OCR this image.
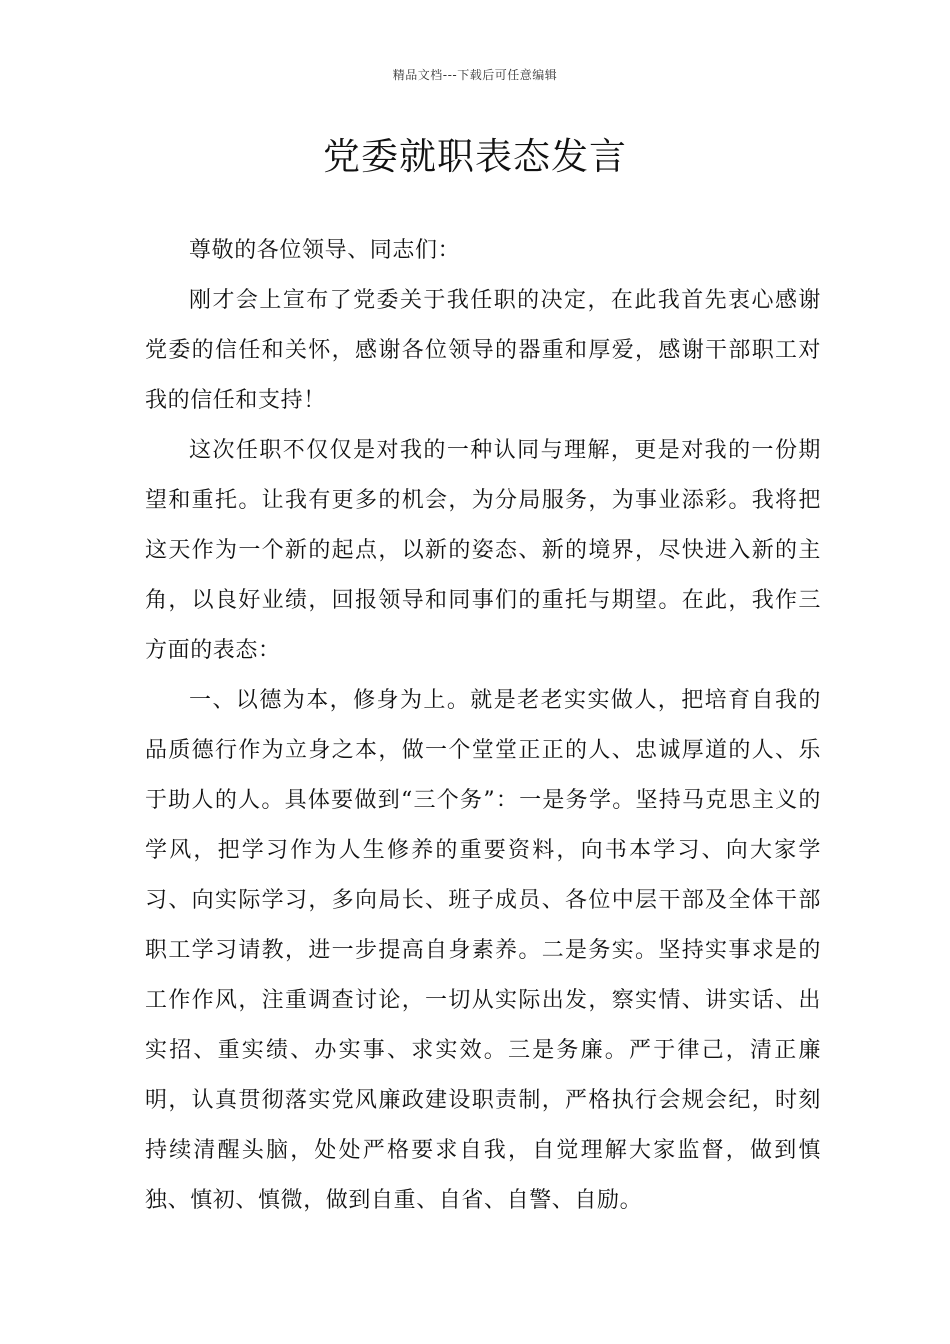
精品文档---下载后可任意编辑
党委就职表态发言

尊敬的各位领导、同志们：

刚才会上宣布了党委关于我任职的决定，在此我首先衷心感谢党委的信任和关怀，感谢各位领导的器重和厚爱，感谢干部职工对我的信任和支持！

这次任职不仅仅是对我的一种认同与理解，更是对我的一份期望和重托。让我有更多的机会，为分局服务，为事业添彩。我将把这天作为一个新的起点，以新的姿态、新的境界，尽快进入新的主角，以良好业绩，回报领导和同事们的重托与期望。在此，我作三方面的表态：

一、以德为本，修身为上。就是老老实实做人，把培育自我的品质德行作为立身之本，做一个堂堂正正的人、忠诚厚道的人、乐于助人的人。具体要做到“三个务”：一是务学。坚持马克思主义的学风，把学习作为人生修养的重要资料，向书本学习、向大家学习、向实际学习，多向局长、班子成员、各位中层干部及全体干部职工学习请教，进一步提高自身素养。二是务实。坚持实事求是的工作作风，注重调查讨论，一切从实际出发，察实情、讲实话、出实招、重实绩、办实事、求实效。三是务廉。严于律己，清正廉明，认真贯彻落实党风廉政建设职责制，严格执行会规会纪，时刻持续清醒头脑，处处严格要求自我，自觉理解大家监督，做到慎独、慎初、慎微，做到自重、自省、自警、自励。
